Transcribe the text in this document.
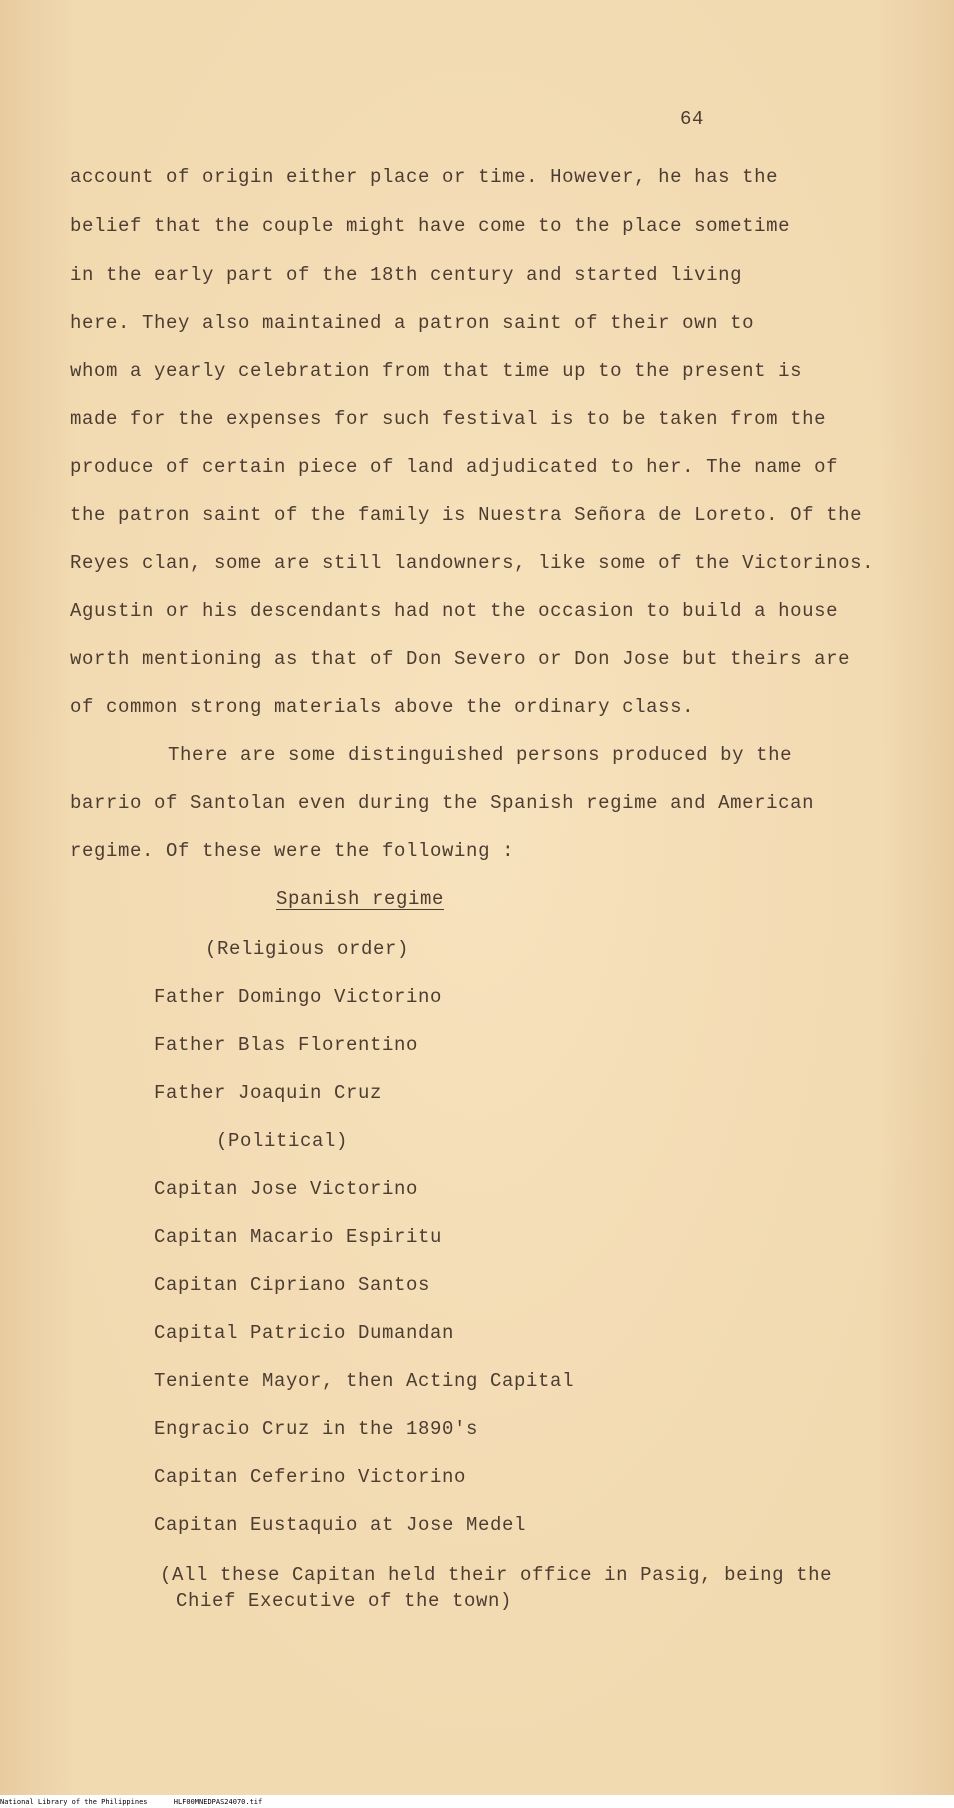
64
account of origin either place or time. However, he has the
belief that the couple might have come to the place sometime
in the early part of the 18th century and started living
here. They also maintained a patron saint of their own to
whom a yearly celebration from that time up to the present is
made for the expenses for such festival is to be taken from the
produce of certain piece of land adjudicated to her. The name of
the patron saint of the family is Nuestra Señora de Loreto. Of the
Reyes clan, some are still landowners, like some of the Victorinos.
Agustin or his descendants had not the occasion to build a house
worth mentioning as that of Don Severo or Don Jose but theirs are
of common strong materials above the ordinary class.
There are some distinguished persons produced by the
barrio of Santolan even during the Spanish regime and American
regime. Of these were the following :
Spanish regime
(Religious order)
Father Domingo Victorino
Father Blas Florentino
Father Joaquin Cruz
(Political)
Capitan Jose Victorino
Capitan Macario Espiritu
Capitan Cipriano Santos
Capital Patricio Dumandan
Teniente Mayor, then Acting Capital
Engracio Cruz in the 1890's
Capitan Ceferino Victorino
Capitan Eustaquio at Jose Medel
(All these Capitan held their office in Pasig, being the
Chief Executive of the town)
National Library of the Philippines	HLF00MNEDPAS24070.tif
